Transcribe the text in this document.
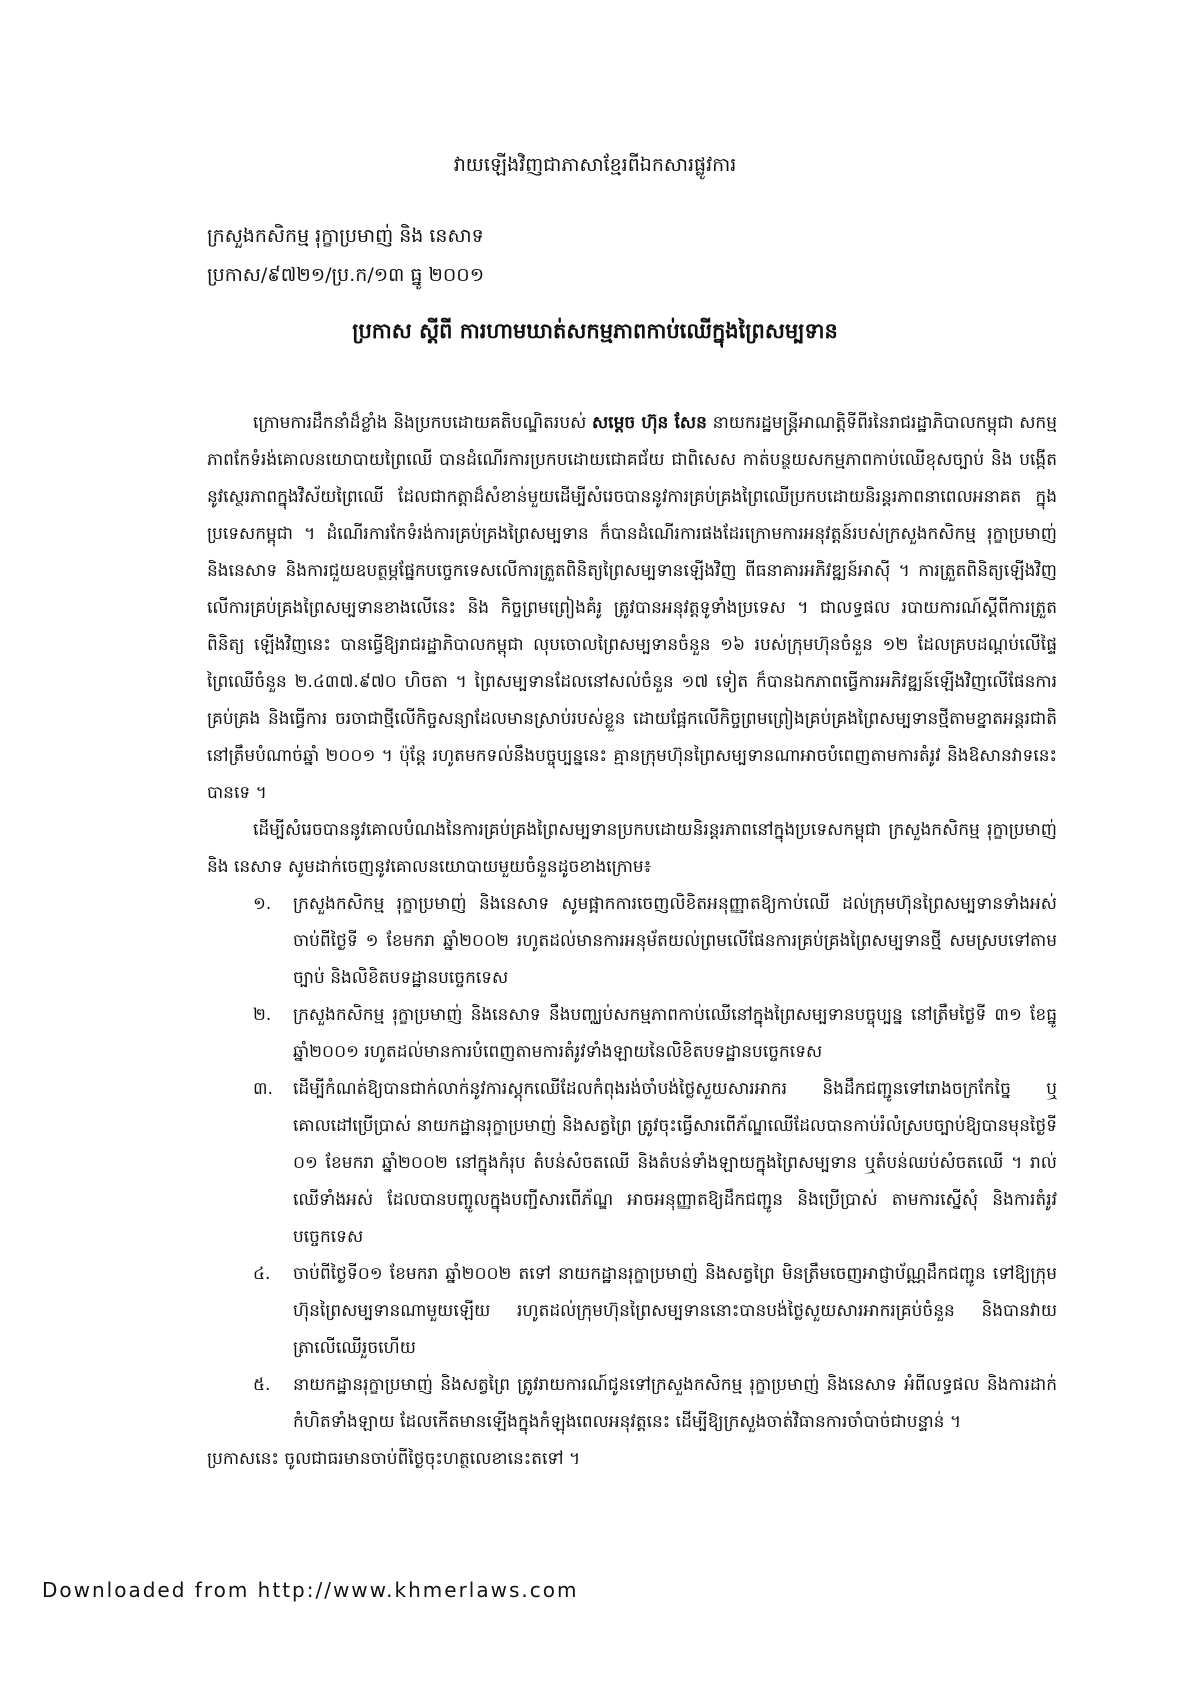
វាយឡើងវិញជាភាសាខ្មែរពីឯកសារផ្លូវការ
ក្រសួងកសិកម្ម រុក្ខាប្រមាញ់ និង នេសាទ
ប្រកាស/៩៧២១/ប្រ.ក/១៣ ធ្នូ ២០០១
ប្រកាស ស្តីពី ការហាមឃាត់សកម្មភាពកាប់ឈើក្នុងព្រៃសម្បទាន

ក្រោមការដឹកនាំដ៏ខ្លាំង និងប្រកបដោយគតិបណ្ឌិតរបស់ សម្តេច ហ៊ុន សែន នាយករដ្ឋមន្ត្រីអាណត្តិទីពីរនៃរាជរដ្ឋាភិបាលកម្ពុជា សកម្មភាពកែទំរង់គោលនយោបាយព្រៃឈើ បានដំណើរការប្រកបដោយជោគជ័យ ជាពិសេស កាត់បន្ថយសកម្មភាពកាប់ឈើខុសច្បាប់ និង បង្កើតនូវស្ថេរភាពក្នុងវិស័យព្រៃឈើ ដែលជាកត្តាដ៏សំខាន់មួយដើម្បីសំរេចបាននូវការគ្រប់គ្រងព្រៃឈើប្រកបដោយនិរន្តរភាពនាពេលអនាគត ក្នុងប្រទេសកម្ពុជា ។ ដំណើរការកែទំរង់ការគ្រប់គ្រងព្រៃសម្បទាន ក៏បានដំណើរការផងដែរក្រោមការអនុវត្តន៍របស់ក្រសួងកសិកម្ម រុក្ខាប្រមាញ់ និងនេសាទ និងការជួយឧបត្ថម្ភផ្នែកបច្ចេកទេសលើការត្រួតពិនិត្យព្រៃសម្បទានឡើងវិញ ពីធនាគារអភិវឌ្ឍន៍អាស៊ី ។ ការត្រួតពិនិត្យឡើងវិញ លើការគ្រប់គ្រងព្រៃសម្បទានខាងលើនេះ និង កិច្ចព្រមព្រៀងគំរូ ត្រូវបានអនុវត្តទូទាំងប្រទេស ។ ជាលទ្ធផល របាយការណ៍ស្តីពីការត្រួតពិនិត្យ ឡើងវិញនេះ បានធ្វើឱ្យរាជរដ្ឋាភិបាលកម្ពុជា លុបចោលព្រៃសម្បទានចំនួន ១៦ របស់ក្រុមហ៊ុនចំនួន ១២ ដែលគ្របដណ្តប់លើផ្ទៃព្រៃឈើចំនួន ២.៤៣៧.៩៧០ ហិចតា ។ ព្រៃសម្បទានដែលនៅសល់ចំនួន ១៧ ទៀត ក៏បានឯកភាពធ្វើការអភិវឌ្ឍន៍ឡើងវិញលើផែនការគ្រប់គ្រង និងធ្វើការ ចរចាជាថ្មីលើកិច្ចសន្យាដែលមានស្រាប់របស់ខ្លួន ដោយផ្អែកលើកិច្ចព្រមព្រៀងគ្រប់គ្រងព្រៃសម្បទានថ្មីតាមខ្នាតអន្តរជាតិ នៅត្រឹមបំណាច់ឆ្នាំ ២០០១ ។ ប៉ុន្តែ រហូតមកទល់នឹងបច្ចុប្បន្ននេះ គ្មានក្រុមហ៊ុនព្រៃសម្បទានណាអាចបំពេញតាមការតំរូវ និងឱសានវាទនេះបានទេ ។

ដើម្បីសំរេចបាននូវគោលបំណងនៃការគ្រប់គ្រងព្រៃសម្បទានប្រកបដោយនិរន្តរភាពនៅក្នុងប្រទេសកម្ពុជា ក្រសួងកសិកម្ម រុក្ខាប្រមាញ់ និង នេសាទ សូមដាក់ចេញនូវគោលនយោបាយមួយចំនួនដូចខាងក្រោម៖

១. ក្រសួងកសិកម្ម រុក្ខាប្រមាញ់ និងនេសាទ សូមផ្អាកការចេញលិខិតអនុញ្ញាតឱ្យកាប់ឈើ ដល់ក្រុមហ៊ុនព្រៃសម្បទានទាំងអស់ ចាប់ពីថ្ងៃទី ១ ខែមករា ឆ្នាំ២០០២ រហូតដល់មានការអនុម័តយល់ព្រមលើផែនការគ្រប់គ្រងព្រៃសម្បទានថ្មី សមស្របទៅតាមច្បាប់ និងលិខិតបទដ្ឋានបច្ចេកទេស
២. ក្រសួងកសិកម្ម រុក្ខាប្រមាញ់ និងនេសាទ នឹងបញ្ឈប់សកម្មភាពកាប់ឈើនៅក្នុងព្រៃសម្បទានបច្ចុប្បន្ន នៅត្រឹមថ្ងៃទី ៣១ ខែធ្នូ ឆ្នាំ២០០១ រហូតដល់មានការបំពេញតាមការតំរូវទាំងឡាយនៃលិខិតបទដ្ឋានបច្ចេកទេស
៣. ដើម្បីកំណត់ឱ្យបានជាក់លាក់នូវការស្តុកឈើដែលកំពុងរង់ចាំបង់ថ្លៃសួយសារអាករ និងដឹកជញ្ជូនទៅរោងចក្រកែច្នៃ ឬ គោលដៅប្រើប្រាស់ នាយកដ្ឋានរុក្ខាប្រមាញ់ និងសត្វព្រៃ ត្រូវចុះធ្វើសារពើភ័ណ្ឌឈើដែលបានកាប់រំលំស្របច្បាប់ឱ្យបានមុនថ្ងៃទី ០១ ខែមករា ឆ្នាំ២០០២ នៅក្នុងកំរុប តំបន់សំចតឈើ និងតំបន់ទាំងឡាយក្នុងព្រៃសម្បទាន ឬតំបន់ឈប់សំចតឈើ ។ រាល់ឈើទាំងអស់ ដែលបានបញ្ចូលក្នុងបញ្ជីសារពើភ័ណ្ឌ អាចអនុញ្ញាតឱ្យដឹកជញ្ជូន និងប្រើប្រាស់ តាមការស្នើសុំ និងការតំរូវបច្ចេកទេស
៤. ចាប់ពីថ្ងៃទី០១ ខែមករា ឆ្នាំ២០០២ តទៅ នាយកដ្ឋានរុក្ខាប្រមាញ់ និងសត្វព្រៃ មិនត្រឹមចេញអាជ្ញាប័ណ្ណដឹកជញ្ជូន ទៅឱ្យក្រុមហ៊ុនព្រៃសម្បទានណាមួយឡើយ រហូតដល់ក្រុមហ៊ុនព្រៃសម្បទាននោះបានបង់ថ្លៃសួយសារអាករគ្រប់ចំនួន និងបានវាយត្រាលើឈើរួចហើយ
៥. នាយកដ្ឋានរុក្ខាប្រមាញ់ និងសត្វព្រៃ ត្រូវរាយការណ៍ជូនទៅក្រសួងកសិកម្ម រុក្ខាប្រមាញ់ និងនេសាទ អំពីលទ្ធផល និងការដាក់កំហិតទាំងឡាយ ដែលកើតមានឡើងក្នុងកំឡុងពេលអនុវត្តនេះ ដើម្បីឱ្យក្រសួងចាត់វិធានការចាំបាច់ជាបន្ទាន់ ។

ប្រកាសនេះ ចូលជាធរមានចាប់ពីថ្ងៃចុះហត្ថលេខានេះតទៅ ។

Downloaded from http://www.khmerlaws.com
